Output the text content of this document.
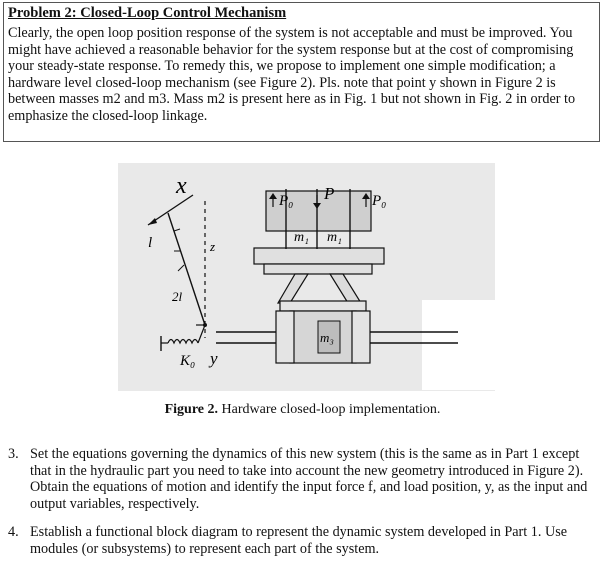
Problem 2: Closed-Loop Control Mechanism

Clearly, the open loop position response of the system is not acceptable and must be improved. You might have achieved a reasonable behavior for the system response but at the cost of compromising your steady-state response. To remedy this, we propose to implement one simple modification; a hardware level closed-loop mechanism (see Figure 2). Pls. note that point y shown in Figure 2 is between masses m2 and m3. Mass m2 is present here as in Fig. 1 but not shown in Fig. 2 in order to emphasize the closed-loop linkage.

x
z
l
2l
K₀ y
P₀ P	P₀
m₁ m₁
m₃
Figure 2. Hardware closed-loop implementation.
3. Set the equations governing the dynamics of this new system (this is the same as in Part 1 except that in the hydraulic part you need to take into account the new geometry introduced in Figure 2). Obtain the equations of motion and identify the input force f, and load position, y, as the input and output variables, respectively.
4. Establish a functional block diagram to represent the dynamic system developed in Part 1. Use modules (or subsystems) to represent each part of the system.
